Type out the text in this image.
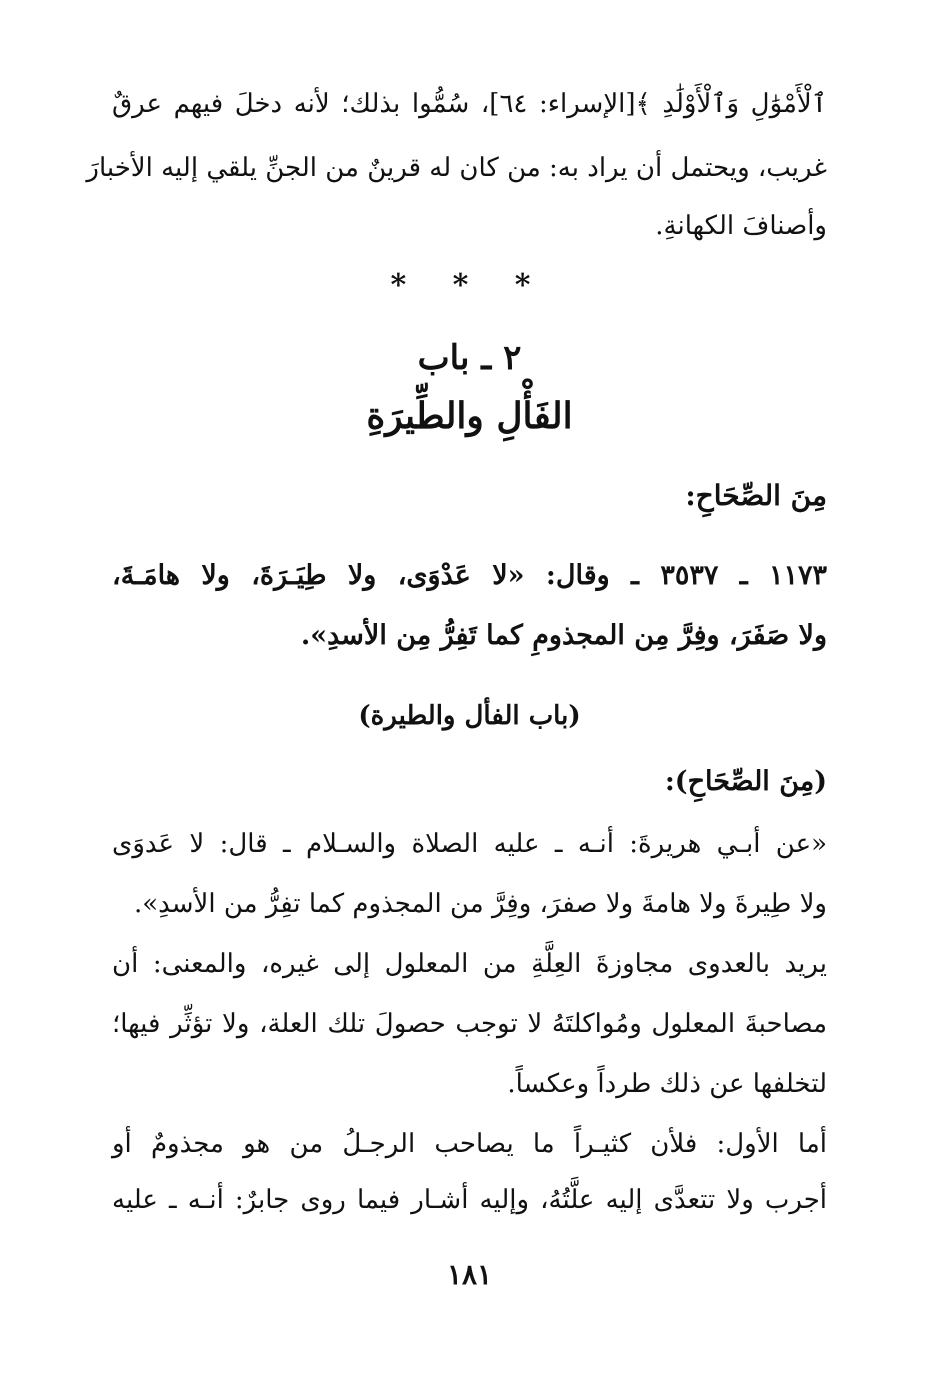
ٱلْأَمْوَٰلِ وَٱلْأَوْلَٰدِ ﴾[الإسراء: ٦٤]، سُمُّوا بذلك؛ لأنه دخلَ فيهم عرقٌ
غريب، ويحتمل أن يراد به: من كان له قرينٌ من الجنِّ يلقي إليه الأخبارَ
وأصنافَ الكهانةِ.
* * *
٢ ـ باب
الفَأْلِ والطِّيرَةِ
مِنَ الصِّحَاحِ:
١١٧٣ ـ ٣٥٣٧ ـ وقال: «لا عَدْوَى، ولا طِيَـرَةَ، ولا هامَـةَ،
ولا صَفَرَ، وفِرَّ مِن المجذومِ كما تَفِرُّ مِن الأسدِ».
(باب الفأل والطيرة)
(مِنَ الصِّحَاحِ):
«عن أبـي هريرةَ: أنـه ـ عليه الصلاة والسـلام ـ قال: لا عَدوَى
ولا طِيرةَ ولا هامةَ ولا صفرَ، وفِرَّ من المجذوم كما تفِرُّ من الأسدِ».
يريد بالعدوى مجاوزةَ العِلَّةِ من المعلول إلى غيره، والمعنى: أن
مصاحبةَ المعلول ومُواكلتَهُ لا توجب حصولَ تلك العلة، ولا تؤثِّر فيها؛
لتخلفها عن ذلك طرداً وعكساً.
أما الأول: فلأن كثيـراً ما يصاحب الرجـلُ من هو مجذومٌ أو
أجرب ولا تتعدَّى إليه علَّتُهُ، وإليه أشـار فيما روى جابرٌ: أنـه ـ عليه
١٨١
